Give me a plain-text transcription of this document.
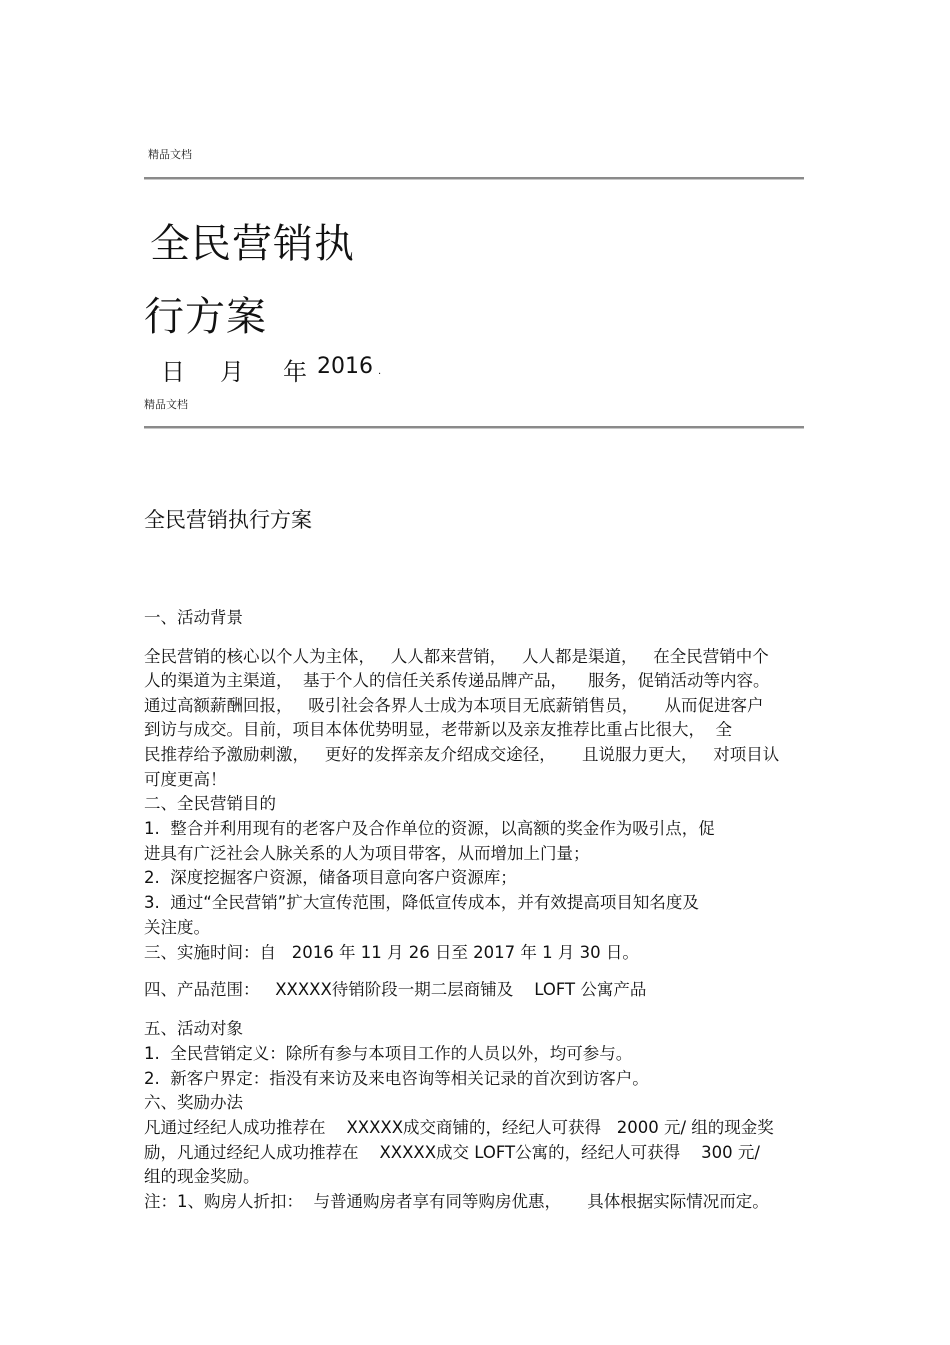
精品文档
全民营销执
行方案
日 月 年 2016 .
精品文档
全民营销执行方案
一、活动背景
全民营销的核心以个人为主体，   人人都来营销，   人人都是渠道，   在全民营销中个
人的渠道为主渠道，  基于个人的信任关系传递品牌产品，    服务，促销活动等内容。
通过高额薪酬回报，   吸引社会各界人士成为本项目无底薪销售员，     从而促进客户
到访与成交。目前，项目本体优势明显，老带新以及亲友推荐比重占比很大，  全
民推荐给予激励刺激，   更好的发挥亲友介绍成交途径，     且说服力更大，   对项目认
可度更高！
二、全民营销目的
1.  整合并利用现有的老客户及合作单位的资源，以高额的奖金作为吸引点，促
进具有广泛社会人脉关系的人为项目带客，从而增加上门量；
2.  深度挖掘客户资源，储备项目意向客户资源库；
3.  通过“全民营销”扩大宣传范围，降低宣传成本，并有效提高项目知名度及
关注度。
三、实施时间：自   2016 年 11 月 26 日至 2017 年 1 月 30 日。
四、产品范围：   XXXXX待销阶段一期二层商铺及    LOFT 公寓产品
五、活动对象
1.  全民营销定义：除所有参与本项目工作的人员以外，均可参与。
2.  新客户界定：指没有来访及来电咨询等相关记录的首次到访客户。
六、奖励办法
凡通过经纪人成功推荐在    XXXXX成交商铺的，经纪人可获得   2000 元/ 组的现金奖
励，凡通过经纪人成功推荐在    XXXXX成交 LOFT公寓的，经纪人可获得    300 元/
组的现金奖励。
注：1、购房人折扣：  与普通购房者享有同等购房优惠，     具体根据实际情况而定。
